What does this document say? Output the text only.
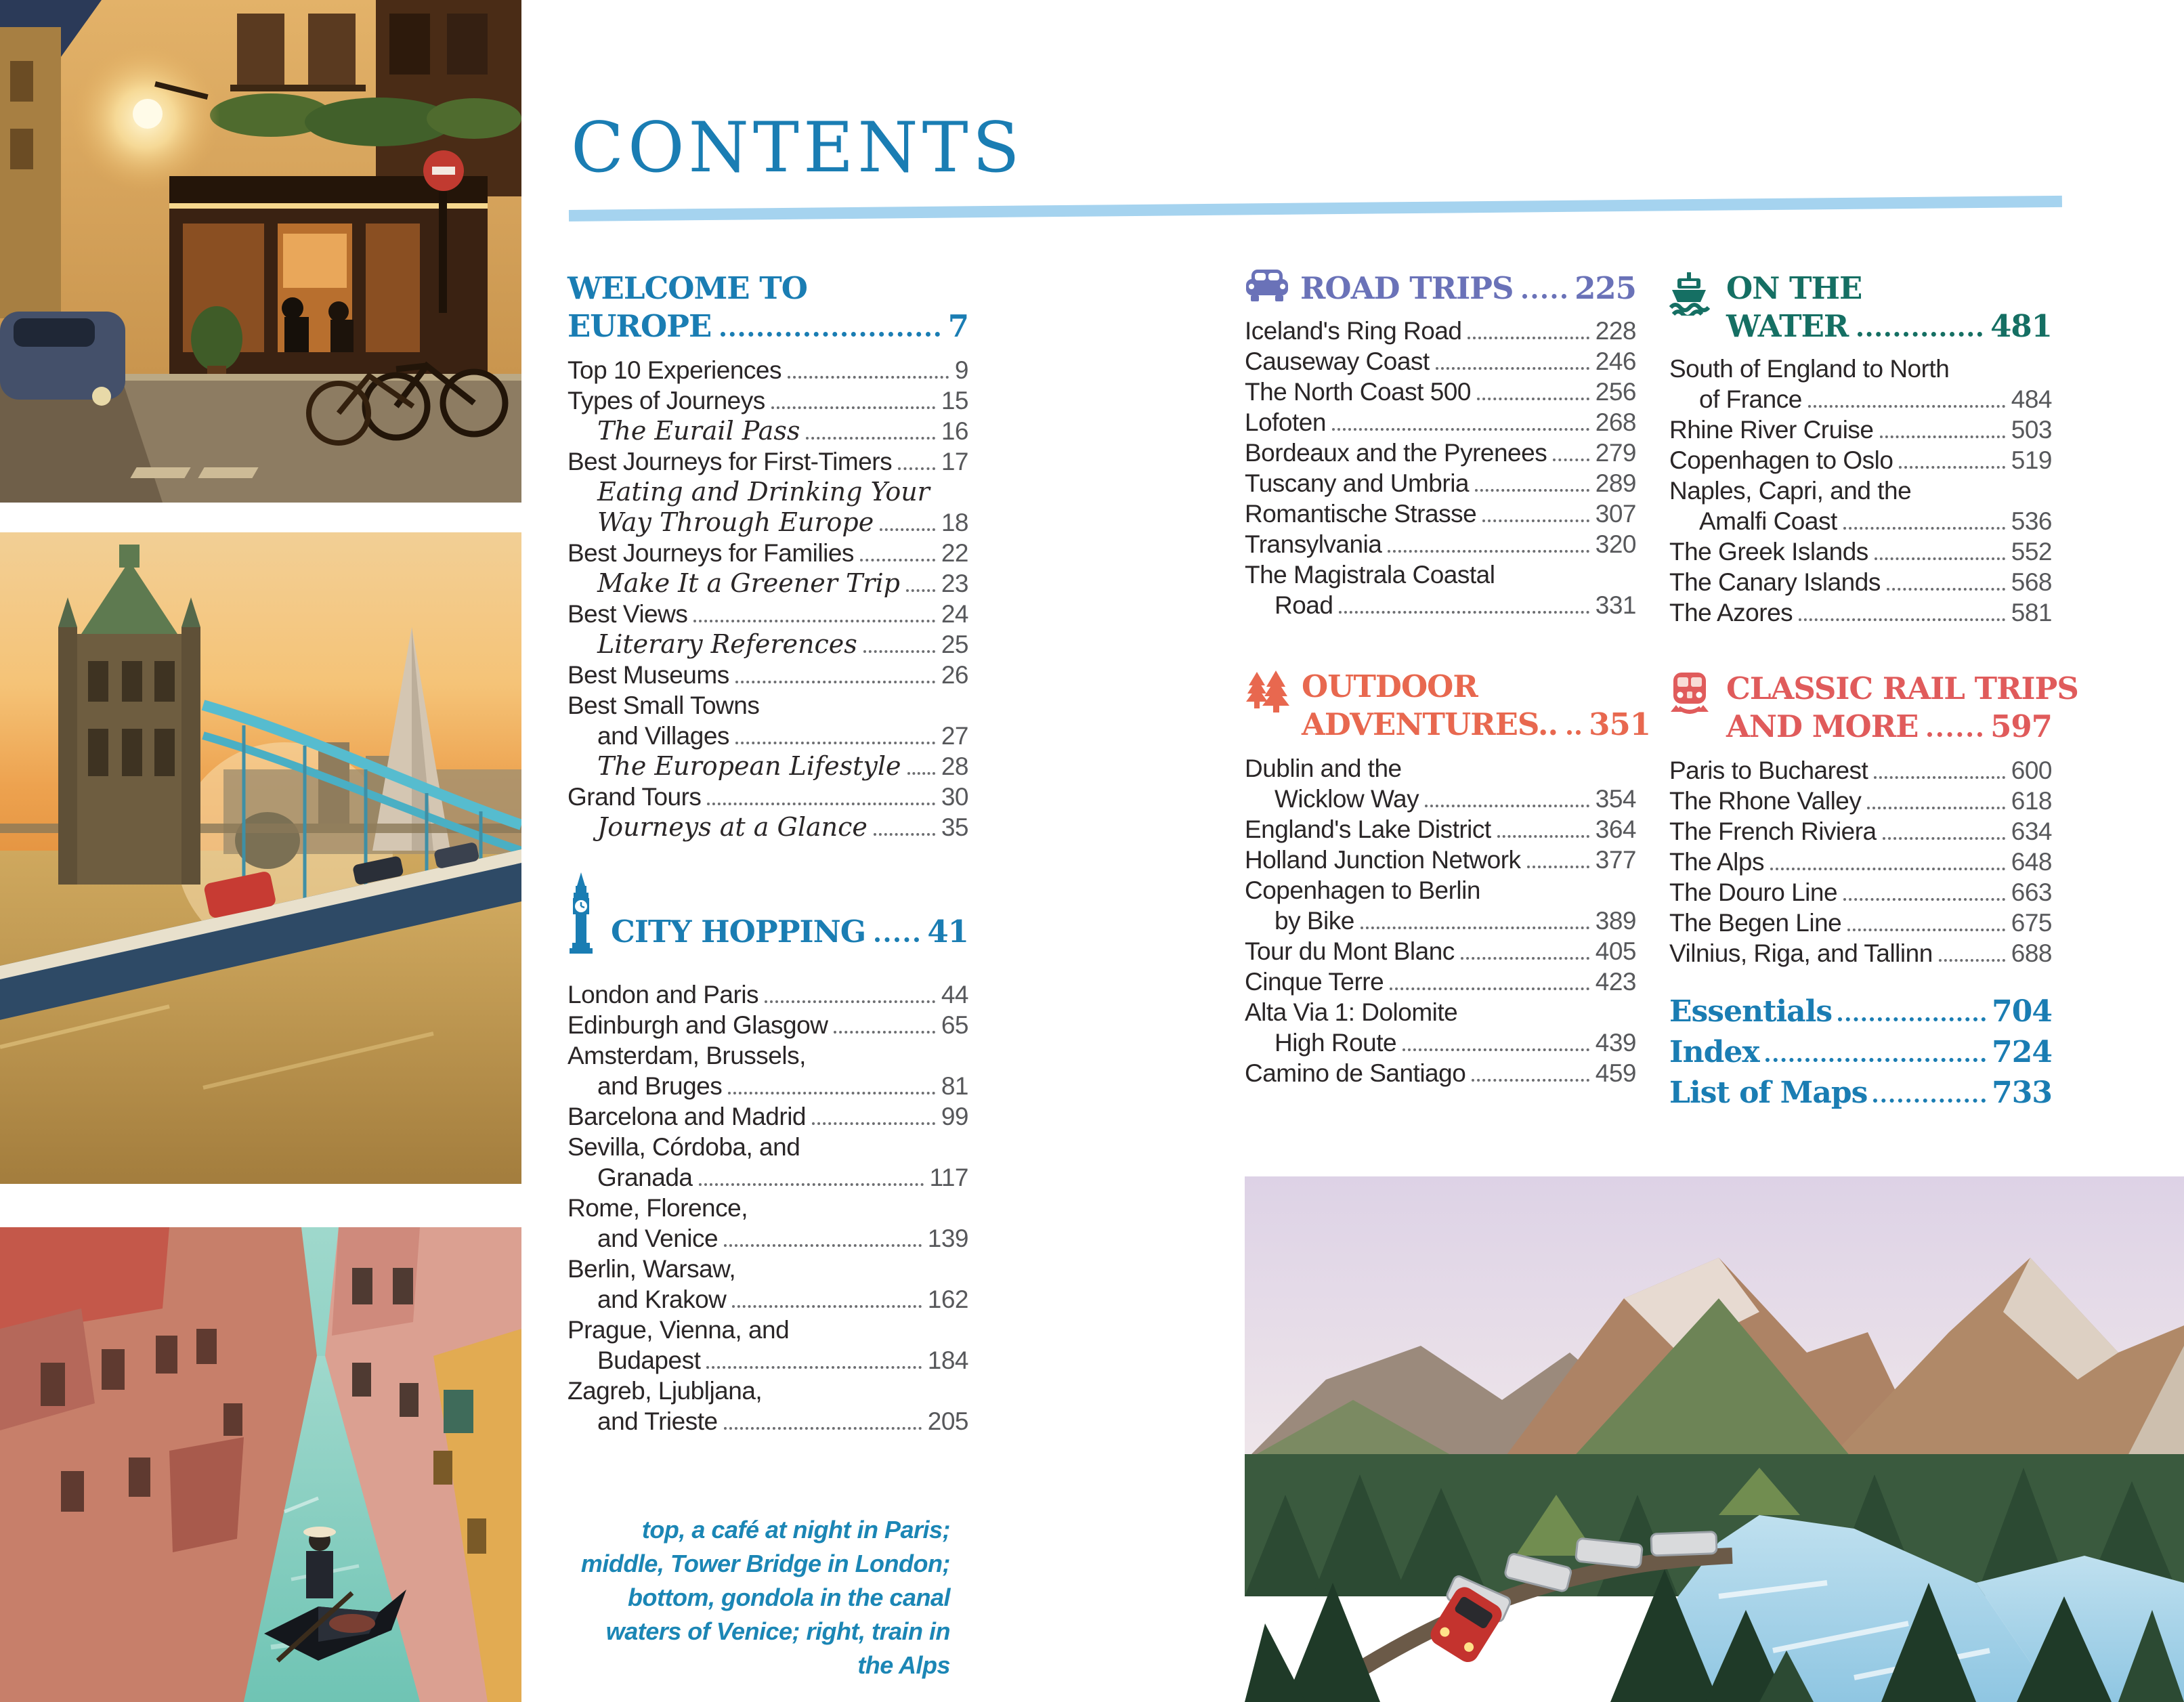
CONTENTS
WELCOME TO
EUROPE	7
Top 10 Experiences	9
Types of Journeys	15
The Eurail Pass	16
Best Journeys for First-Timers 17
Eating and Drinking Your
Way Through Europe	18
Best Journeys for Families	22
Make It a Greener Trip 23
Best Views	24
Literary References	25
Best Museums	26
Best Small Towns
and Villages	27
The European Lifestyle 28
Grand Tours	30
Journeys at a Glance	35
CITY HOPPING 41
London and Paris	44
Edinburgh and Glasgow	65
Amsterdam, Brussels,
and Bruges	81
Barcelona and Madrid	99
Sevilla, Córdoba, and
Granada	117
Rome, Florence,
and Venice	139
Berlin, Warsaw,
and Krakow	162
Prague, Vienna, and
Budapest	184
Zagreb, Ljubljana,
and Trieste	205
ROAD TRIPS 225
Iceland's Ring Road	228
Causeway Coast	246
The North Coast 500	256
Lofoten	268
Bordeaux and the Pyrenees 279
Tuscany and Umbria	289
Romantische Strasse	307
Transylvania	320
The Magistrala Coastal
Road	331
OUTDOOR
ADVENTURES.. 351
Dublin and the
Wicklow Way	354
England's Lake District	364
Holland Junction Network	377
Copenhagen to Berlin
by Bike	389
Tour du Mont Blanc	405
Cinque Terre	423
Alta Via 1: Dolomite
High Route	439
Camino de Santiago	459
ON THE
WATER	481
South of England to North
of France	484
Rhine River Cruise	503
Copenhagen to Oslo	519
Naples, Capri, and the
Amalfi Coast	536
The Greek Islands	552
The Canary Islands	568
The Azores	581
CLASSIC RAIL TRIPS
AND MORE 597
Paris to Bucharest	600
The Rhone Valley	618
The French Riviera	634
The Alps	648
The Douro Line	663
The Begen Line	675
Vilnius, Riga, and Tallinn	688
Essentials	704
Index	724
List of Maps	733
top, a café at night in Paris;
middle, Tower Bridge in London;
bottom, gondola in the canal
waters of Venice; right, train in the Alps
